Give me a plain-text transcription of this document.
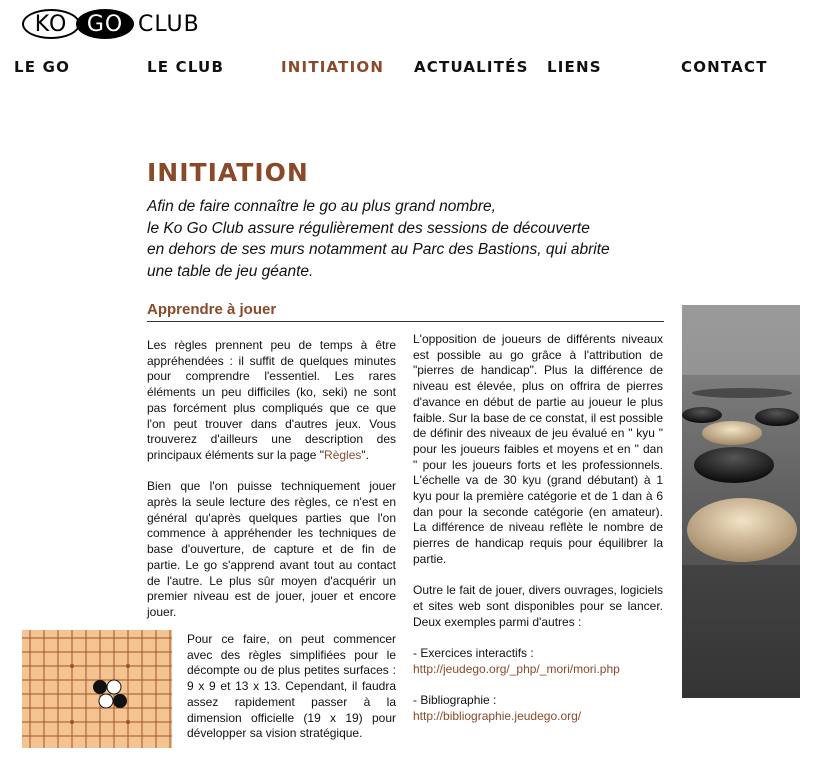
KO GO CLUB
LE GO	LE CLUB	INITIATION ACTUALITÉS LIENS	CONTACT
INITIATION
Afin de faire connaître le go au plus grand nombre,
le Ko Go Club assure régulièrement des sessions de découverte
en dehors de ses murs notamment au Parc des Bastions, qui abrite
une table de jeu géante.
Apprendre à jouer

Les règles prennent peu de temps à être appréhendées : il suffit de quelques minutes pour comprendre l'essentiel. Les rares éléments un peu difficiles (ko, seki) ne sont pas forcément plus compliqués que ce que l'on peut trouver dans d'autres jeux. Vous trouverez d'ailleurs une description des principaux éléments sur la page "Règles".

Bien que l'on puisse techniquement jouer après la seule lecture des règles, ce n'est en général qu'après quelques parties que l'on commence à appréhender les techniques de base d'ouverture, de capture et de fin de partie. Le go s'apprend avant tout au contact de l'autre. Le plus sûr moyen d'acquérir un premier niveau est de jouer, jouer et encore jouer.

Pour ce faire, on peut commencer avec des règles simplifiées pour le décompte ou de plus petites surfaces : 9 x 9 et 13 x 13. Cependant, il faudra assez rapidement passer à la dimension officielle (19 x 19) pour développer sa vision stratégique.

L'opposition de joueurs de différents niveaux est possible au go grâce à l'attribution de "pierres de handicap". Plus la différence de niveau est élevée, plus on offrira de pierres d'avance en début de partie au joueur le plus faible. Sur la base de ce constat, il est possible de définir des niveaux de jeu évalué en " kyu " pour les joueurs faibles et moyens et en " dan " pour les joueurs forts et les professionnels. L'échelle va de 30 kyu (grand débutant) à 1 kyu pour la première catégorie et de 1 dan à 6 dan pour la seconde catégorie (en amateur). La différence de niveau reflète le nombre de pierres de handicap requis pour équilibrer la partie.

Outre le fait de jouer, divers ouvrages, logiciels et sites web sont disponibles pour se lancer. Deux exemples parmi d'autres :

- Exercices interactifs :
http://jeudego.org/_php/_mori/mori.php
- Bibliographie :
http://bibliographie.jeudego.org/
